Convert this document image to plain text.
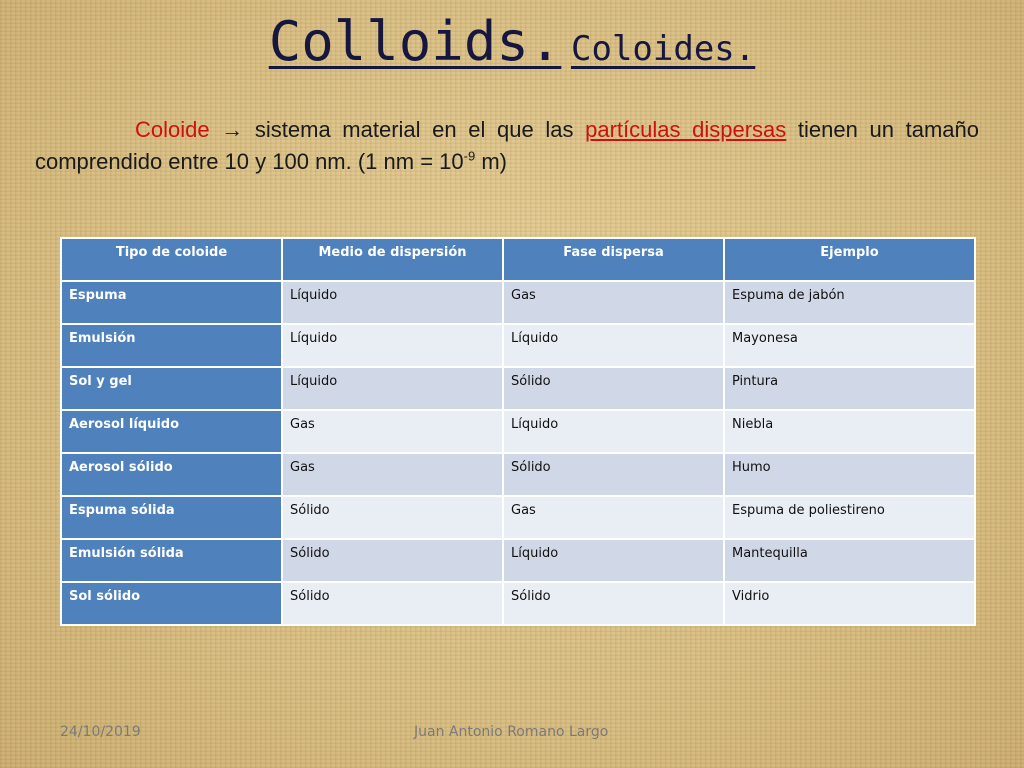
Colloids. Coloides.
Coloide → sistema material en el que las partículas dispersas tienen un tamaño comprendido entre 10 y 100 nm. (1 nm = $10^{-9}$ m)
Tipo de coloide	Medio de dispersión	Fase dispersa	Ejemplo
Espuma	Líquido	Gas	Espuma de jabón
Emulsión	Líquido	Líquido	Mayonesa
Sol y gel	Líquido	Sólido	Pintura
Aerosol líquido	Gas	Líquido	Niebla
Aerosol sólido	Gas	Sólido	Humo
Espuma sólida	Sólido	Gas	Espuma de poliestireno
Emulsión sólida	Sólido	Líquido	Mantequilla
Sol sólido	Sólido	Sólido	Vidrio
24/10/2019	Juan Antonio Romano Largo
